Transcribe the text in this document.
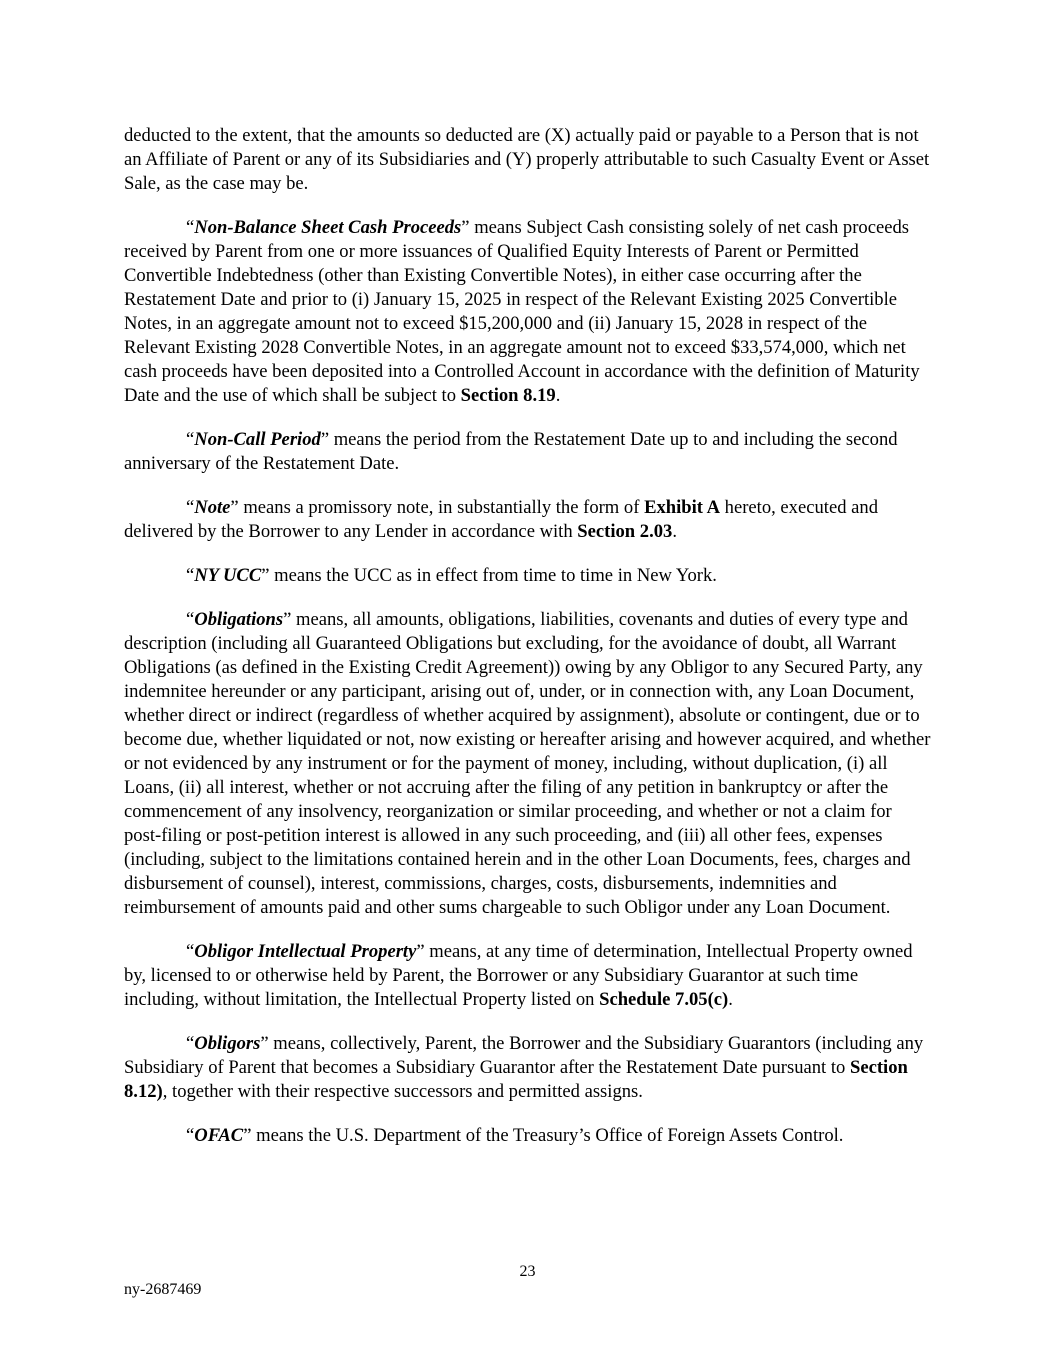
deducted to the extent, that the amounts so deducted are (X) actually paid or payable to a Person that is not an Affiliate of Parent or any of its Subsidiaries and (Y) properly attributable to such Casualty Event or Asset Sale, as the case may be.

“Non-Balance Sheet Cash Proceeds” means Subject Cash consisting solely of net cash proceeds received by Parent from one or more issuances of Qualified Equity Interests of Parent or Permitted Convertible Indebtedness (other than Existing Convertible Notes), in either case occurring after the Restatement Date and prior to (i) January 15, 2025 in respect of the Relevant Existing 2025 Convertible Notes, in an aggregate amount not to exceed $15,200,000 and (ii) January 15, 2028 in respect of the Relevant Existing 2028 Convertible Notes, in an aggregate amount not to exceed $33,574,000, which net cash proceeds have been deposited into a Controlled Account in accordance with the definition of Maturity Date and the use of which shall be subject to Section 8.19.

“Non-Call Period” means the period from the Restatement Date up to and including the second anniversary of the Restatement Date.

“Note” means a promissory note, in substantially the form of Exhibit A hereto, executed and delivered by the Borrower to any Lender in accordance with Section 2.03.

“NY UCC” means the UCC as in effect from time to time in New York.

“Obligations” means, all amounts, obligations, liabilities, covenants and duties of every type and description (including all Guaranteed Obligations but excluding, for the avoidance of doubt, all Warrant Obligations (as defined in the Existing Credit Agreement)) owing by any Obligor to any Secured Party, any indemnitee hereunder or any participant, arising out of, under, or in connection with, any Loan Document, whether direct or indirect (regardless of whether acquired by assignment), absolute or contingent, due or to become due, whether liquidated or not, now existing or hereafter arising and however acquired, and whether or not evidenced by any instrument or for the payment of money, including, without duplication, (i) all Loans, (ii) all interest, whether or not accruing after the filing of any petition in bankruptcy or after the commencement of any insolvency, reorganization or similar proceeding, and whether or not a claim for post-filing or post-petition interest is allowed in any such proceeding, and (iii) all other fees, expenses (including, subject to the limitations contained herein and in the other Loan Documents, fees, charges and disbursement of counsel), interest, commissions, charges, costs, disbursements, indemnities and reimbursement of amounts paid and other sums chargeable to such Obligor under any Loan Document.

“Obligor Intellectual Property” means, at any time of determination, Intellectual Property owned by, licensed to or otherwise held by Parent, the Borrower or any Subsidiary Guarantor at such time including, without limitation, the Intellectual Property listed on Schedule 7.05(c).

“Obligors” means, collectively, Parent, the Borrower and the Subsidiary Guarantors (including any Subsidiary of Parent that becomes a Subsidiary Guarantor after the Restatement Date pursuant to Section 8.12), together with their respective successors and permitted assigns.

“OFAC” means the U.S. Department of the Treasury’s Office of Foreign Assets Control.

23
ny-2687469
